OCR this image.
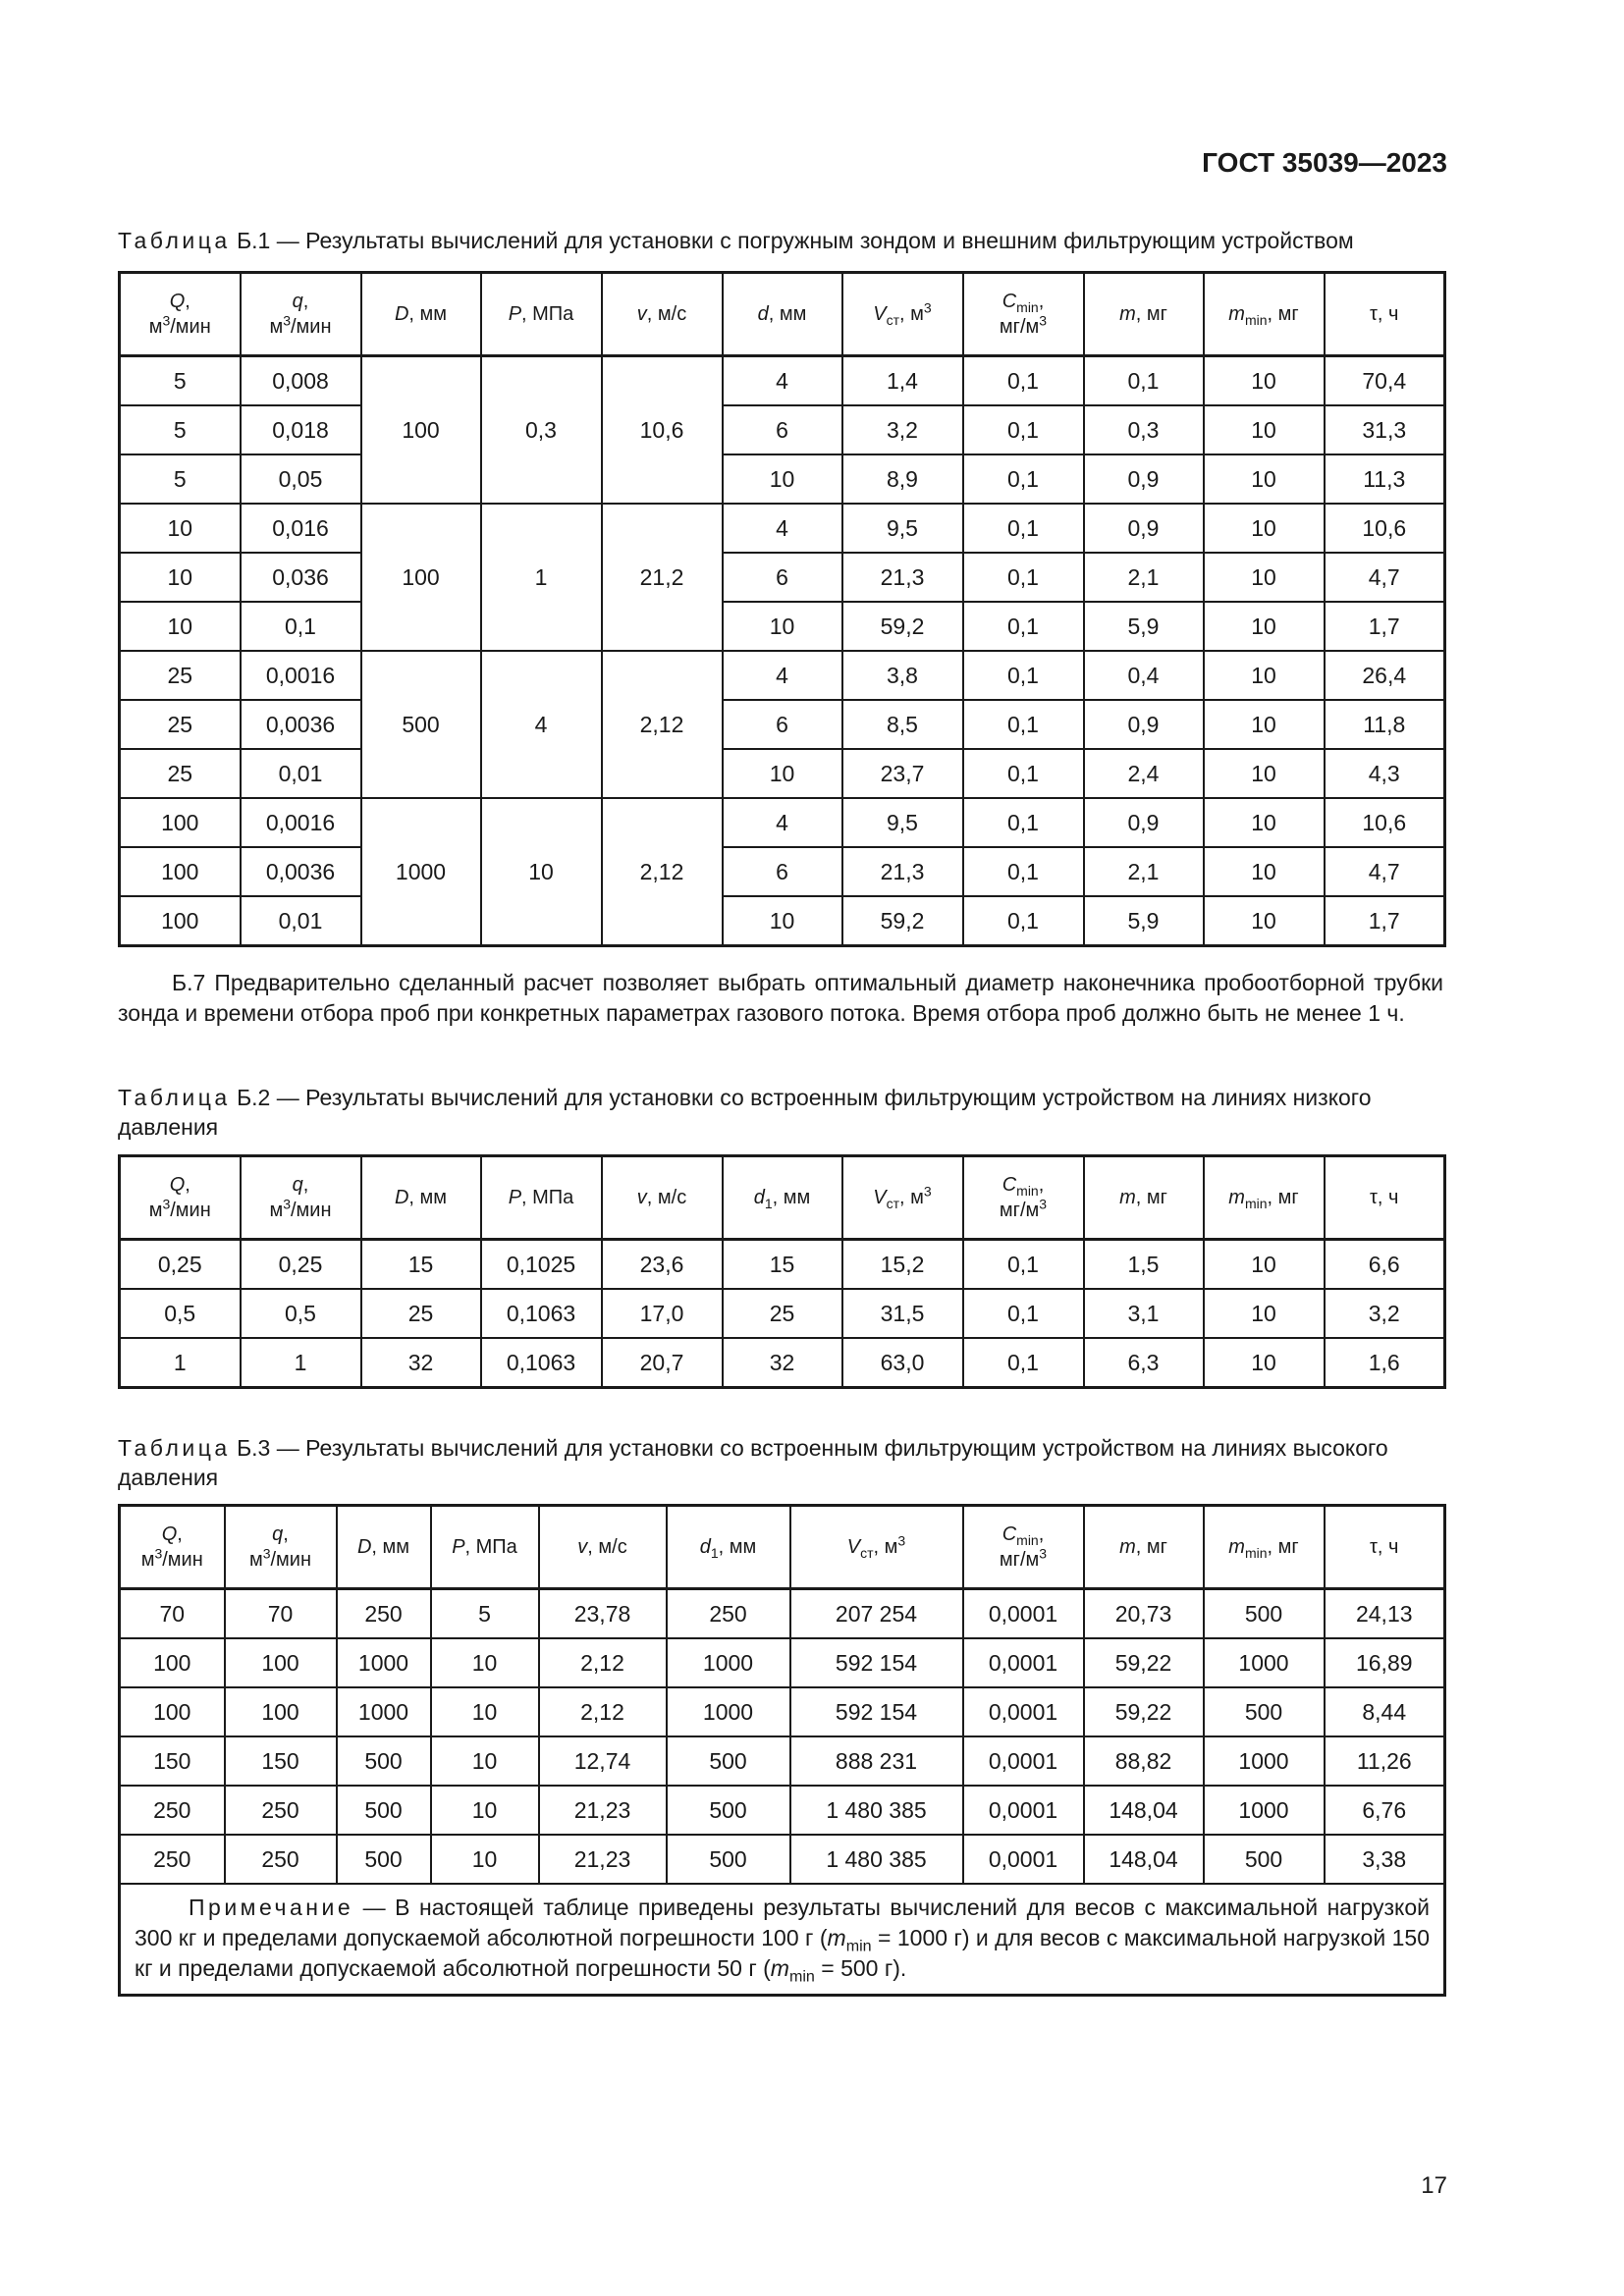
ГОСТ 35039—2023
Таблица Б.1 — Результаты вычислений для установки с погружным зондом и внешним фильтрующим устройством
Q,
$м^3$/мин	q,
$м^3$/мин	D, мм	P, МПа	v, м/с	d, мм	$V_{ст}$, $м^3$	$C_{min}$,
$мг/м^3$	m, мг	$m_{min}$, мг	τ, ч
5	0,008	100	0,3	10,6	4	1,4	0,1	0,1	10	70,4
5	0,018				6	3,2	0,1	0,3	10	31,3
5	0,05				10	8,9	0,1	0,9	10	11,3
10	0,016	100	1	21,2	4	9,5	0,1	0,9	10	10,6
10	0,036				6	21,3	0,1	2,1	10	4,7
10	0,1				10	59,2	0,1	5,9	10	1,7
25	0,0016	500	4	2,12	4	3,8	0,1	0,4	10	26,4
25	0,0036				6	8,5	0,1	0,9	10	11,8
25	0,01				10	23,7	0,1	2,4	10	4,3
100	0,0016	1000	10	2,12	4	9,5	0,1	0,9	10	10,6
100	0,0036				6	21,3	0,1	2,1	10	4,7
100	0,01				10	59,2	0,1	5,9	10	1,7
Б.7 Предварительно сделанный расчет позволяет выбрать оптимальный диаметр наконечника пробоотборной трубки зонда и времени отбора проб при конкретных параметрах газового потока. Время отбора проб должно быть не менее 1 ч.
Таблица Б.2 — Результаты вычислений для установки со встроенным фильтрующим устройством на линиях низкого давления
Q,
$м^3$/мин	q,
$м^3$/мин	D, мм	P, МПа	v, м/с	$d_1$, мм	$V_{ст}$, $м^3$	$C_{min}$,
$мг/м^3$	m, мг	$m_{min}$, мг	τ, ч
0,25	0,25	15	0,1025	23,6	15	15,2	0,1	1,5	10	6,6
0,5	0,5	25	0,1063	17,0	25	31,5	0,1	3,1	10	3,2
1	1	32	0,1063	20,7	32	63,0	0,1	6,3	10	1,6
Таблица Б.3 — Результаты вычислений для установки со встроенным фильтрующим устройством на линиях высокого давления
Q,
$м^3$/мин	q,
$м^3$/мин	D, мм	P, МПа	v, м/с	$d_1$, мм	$V_{ст}$, $м^3$	$C_{min}$,
$мг/м^3$	m, мг	$m_{min}$, мг	τ, ч
70	70	250	5	23,78	250	207 254	0,0001	20,73	500	24,13
100	100	1000	10	2,12	1000	592 154	0,0001	59,22	1000	16,89
100	100	1000	10	2,12	1000	592 154	0,0001	59,22	500	8,44
150	150	500	10	12,74	500	888 231	0,0001	88,82	1000	11,26
250	250	500	10	21,23	500	1 480 385	0,0001	148,04	1000	6,76
250	250	500	10	21,23	500	1 480 385	0,0001	148,04	500	3,38
Примечание — В настоящей таблице приведены результаты вычислений для весов с максимальной нагрузкой 300 кг и пределами допускаемой абсолютной погрешности 100 г ($m_{min} = 1000$ г) и для весов с максимальной нагрузкой 150 кг и пределами допускаемой абсолютной погрешности 50 г ($m_{min} = 500$ г).										
17
